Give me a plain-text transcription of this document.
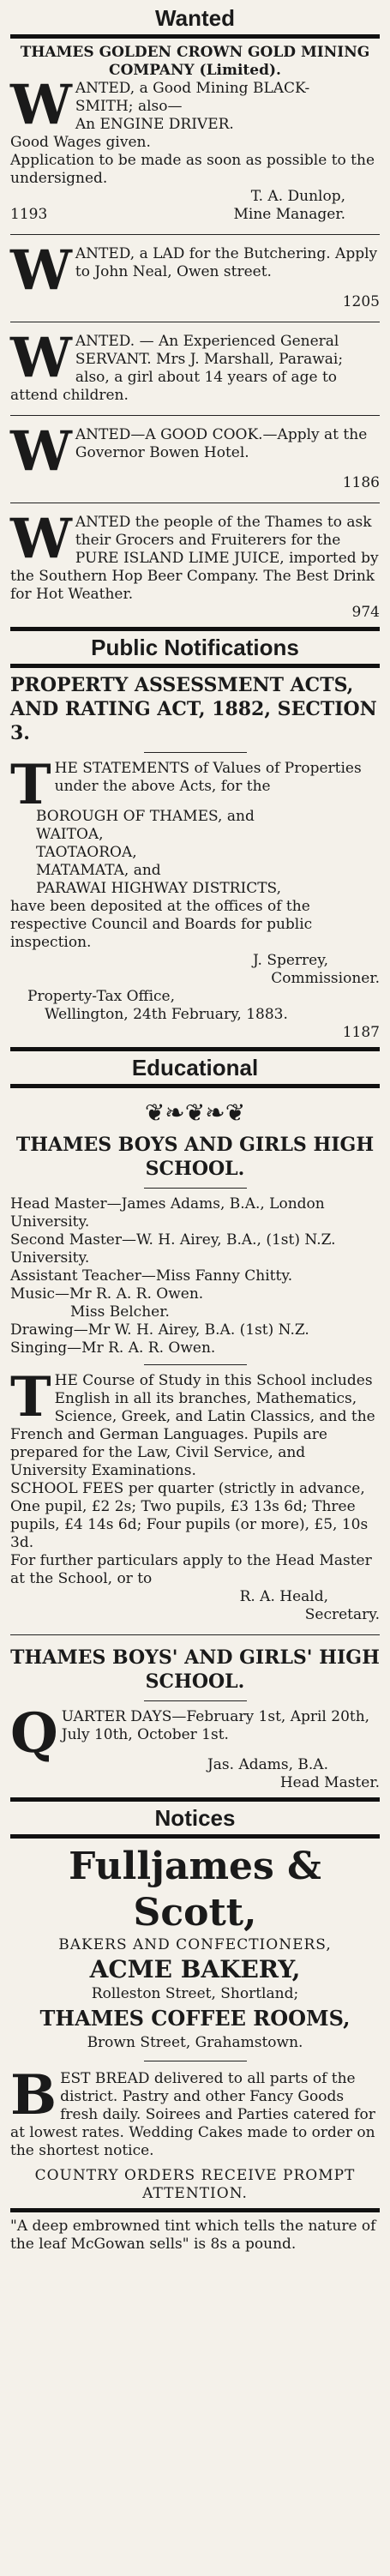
Wanted
THAMES GOLDEN CROWN GOLD MINING COMPANY (Limited).
W ANTED, a Good Mining BLACK-
SMITH; also—
An ENGINE DRIVER.
Good Wages given.
Application to be made as soon as possible to the undersigned.
T. A. Dunlop,
1193	Mine Manager.
W ANTED, a LAD for the Butchering. Apply to John Neal, Owen street.
1205
W ANTED. — An Experienced General SERVANT. Mrs J. Marshall, Parawai; also, a girl about 14 years of age to attend children.
W ANTED—A GOOD COOK.—Apply at the Governor Bowen Hotel.
1186
W ANTED the people of the Thames to ask their Grocers and Fruiterers for the PURE ISLAND LIME JUICE, imported by the Southern Hop Beer Company. The Best Drink for Hot Weather.
974
Public Notifications
PROPERTY ASSESSMENT ACTS, AND RATING ACT, 1882, SECTION 3.
T HE STATEMENTS of Values of Properties under the above Acts, for the
BOROUGH OF THAMES, and
WAITOA,
TAOTAOROA,
MATAMATA, and
PARAWAI HIGHWAY DISTRICTS,
have been deposited at the offices of the respective Council and Boards for public inspection.
J. Sperrey,
Commissioner.
Property-Tax Office,
Wellington, 24th February, 1883.
1187
Educational
❦❧❦❧❦
THAMES BOYS AND GIRLS HIGH SCHOOL.
Head Master—James Adams, B.A., London University.
Second Master—W. H. Airey, B.A., (1st) N.Z. University.
Assistant Teacher—Miss Fanny Chitty.
Music—Mr R. A. R. Owen.
Miss Belcher.
Drawing—Mr W. H. Airey, B.A. (1st) N.Z.
Singing—Mr R. A. R. Owen.
T HE Course of Study in this School includes English in all its branches, Mathematics, Science, Greek, and Latin Classics, and the French and German Languages. Pupils are prepared for the Law, Civil Service, and University Examinations.
SCHOOL FEES per quarter (strictly in advance, One pupil, £2 2s; Two pupils, £3 13s 6d; Three pupils, £4 14s 6d; Four pupils (or more), £5, 10s 3d.
For further particulars apply to the Head Master at the School, or to
R. A. Heald,
Secretary.
THAMES BOYS' AND GIRLS' HIGH SCHOOL.
Q UARTER DAYS—February 1st, April 20th, July 10th, October 1st.
Jas. Adams, B.A.
Head Master.
Notices
Fulljames & Scott,
BAKERS AND CONFECTIONERS,
ACME BAKERY,
Rolleston Street, Shortland;
THAMES COFFEE ROOMS,
Brown Street, Grahamstown.
B EST BREAD delivered to all parts of the district. Pastry and other Fancy Goods fresh daily. Soirees and Parties catered for at lowest rates. Wedding Cakes made to order on the shortest notice.
COUNTRY ORDERS RECEIVE PROMPT ATTENTION.
"A deep embrowned tint which tells the nature of the leaf McGowan sells" is 8s a pound.
